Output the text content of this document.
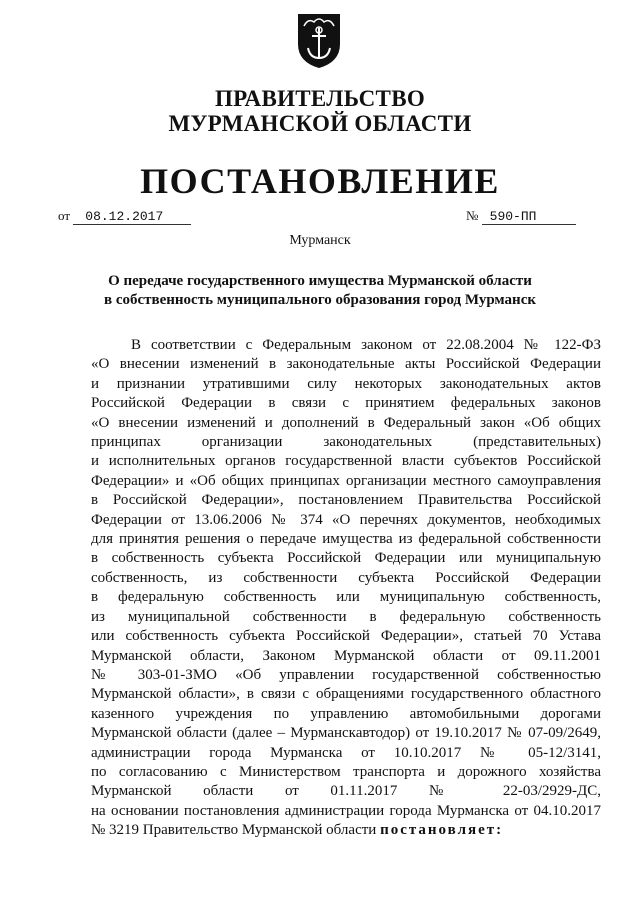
ПРАВИТЕЛЬСТВО
МУРМАНСКОЙ ОБЛАСТИ
ПОСТАНОВЛЕНИЕ
от 08.12.2017	№ 590-ПП
Мурманск
О передаче государственного имущества Мурманской области
в собственность муниципального образования город Мурманск
В соответствии с Федеральным законом от 22.08.2004 № 122-ФЗ
«О внесении изменений в законодательные акты Российской Федерации
и признании утратившими силу некоторых законодательных актов
Российской Федерации в связи с принятием федеральных законов
«О внесении изменений и дополнений в Федеральный закон «Об общих
принципах организации законодательных (представительных)
и исполнительных органов государственной власти субъектов Российской
Федерации» и «Об общих принципах организации местного самоуправления
в Российской Федерации», постановлением Правительства Российской
Федерации от 13.06.2006 № 374 «О перечнях документов, необходимых
для принятия решения о передаче имущества из федеральной собственности
в собственность субъекта Российской Федерации или муниципальную
собственность, из собственности субъекта Российской Федерации
в федеральную собственность или муниципальную собственность,
из муниципальной собственности в федеральную собственность
или собственность субъекта Российской Федерации», статьей 70 Устава
Мурманской области, Законом Мурманской области от 09.11.2001
№ 303-01-ЗМО «Об управлении государственной собственностью
Мурманской области», в связи с обращениями государственного областного
казенного учреждения по управлению автомобильными дорогами
Мурманской области (далее – Мурманскавтодор) от 19.10.2017 № 07-09/2649,
администрации города Мурманска от 10.10.2017 № 05-12/3141,
по согласованию с Министерством транспорта и дорожного хозяйства
Мурманской области от 01.11.2017 № 22-03/2929-ДС,
на основании постановления администрации города Мурманска от 04.10.2017
№ 3219 Правительство Мурманской области постановляет:
